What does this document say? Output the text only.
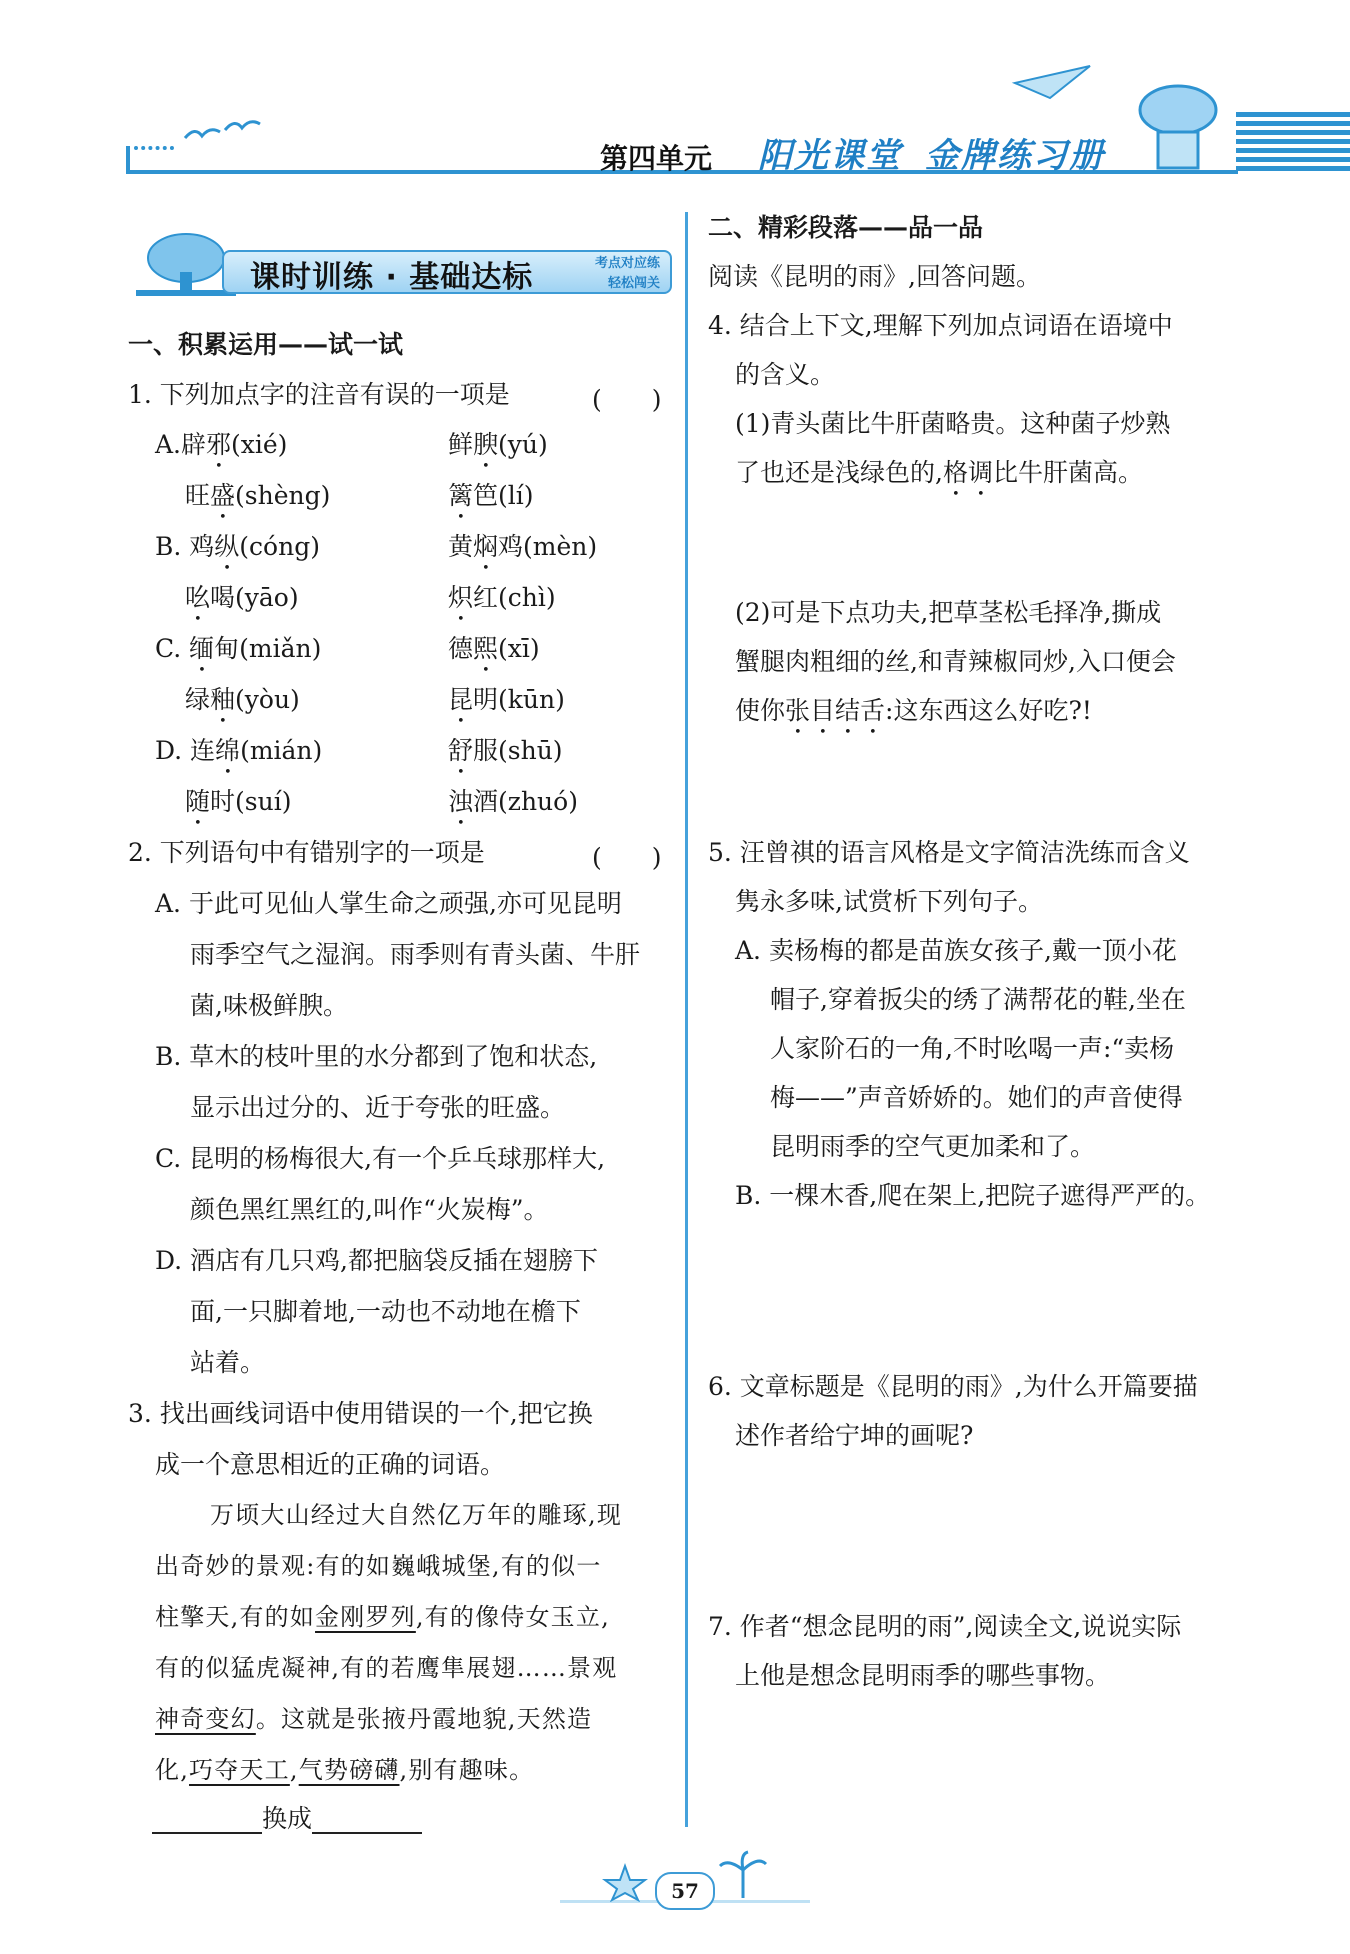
第四单元 阳光课堂 金牌练习册
课时训练 · 基础达标	考点对应练
轻松闯关
一、积累运用——试一试
1. 下列加点字的注音有误的一项是	(　　)
A.辟邪(xié)	鲜腴(yú)
旺盛(shèng)	篱笆(lí)
B. 鸡纵(cóng)	黄焖鸡(mèn)
吆喝(yāo)	炽红(chì)
C. 缅甸(miǎn)	德熙(xī)
绿釉(yòu)	昆明(kūn)
D. 连绵(mián)	舒服(shū)
随时(suí)	浊酒(zhuó)
2. 下列语句中有错别字的一项是	(　　)
A. 于此可见仙人掌生命之顽强,亦可见昆明
雨季空气之湿润。雨季则有青头菌、牛肝
菌,味极鲜腴。
B. 草木的枝叶里的水分都到了饱和状态,
显示出过分的、近于夸张的旺盛。
C. 昆明的杨梅很大,有一个乒乓球那样大,
颜色黑红黑红的,叫作“火炭梅”。
D. 酒店有几只鸡,都把脑袋反插在翅膀下
面,一只脚着地,一动也不动地在檐下
站着。
3. 找出画线词语中使用错误的一个,把它换
成一个意思相近的正确的词语。
万顷大山经过大自然亿万年的雕琢,现
出奇妙的景观:有的如巍峨城堡,有的似一
柱擎天,有的如金刚罗列,有的像侍女玉立,
有的似猛虎凝神,有的若鹰隼展翅……景观
神奇变幻。这就是张掖丹霞地貌,天然造
化,巧夺天工,气势磅礴,别有趣味。
换成
二、精彩段落——品一品
阅读《昆明的雨》,回答问题。
4. 结合上下文,理解下列加点词语在语境中
的含义。
(1)青头菌比牛肝菌略贵。这种菌子炒熟
了也还是浅绿色的,格调比牛肝菌高。
(2)可是下点功夫,把草茎松毛择净,撕成
蟹腿肉粗细的丝,和青辣椒同炒,入口便会
使你张目结舌:这东西这么好吃?!
5. 汪曾祺的语言风格是文字简洁洗练而含义
隽永多味,试赏析下列句子。
A. 卖杨梅的都是苗族女孩子,戴一顶小花
帽子,穿着扳尖的绣了满帮花的鞋,坐在
人家阶石的一角,不时吆喝一声:“卖杨
梅——”声音娇娇的。她们的声音使得
昆明雨季的空气更加柔和了。
B. 一棵木香,爬在架上,把院子遮得严严的。
6. 文章标题是《昆明的雨》,为什么开篇要描
述作者给宁坤的画呢?
7. 作者“想念昆明的雨”,阅读全文,说说实际
上他是想念昆明雨季的哪些事物。
57
